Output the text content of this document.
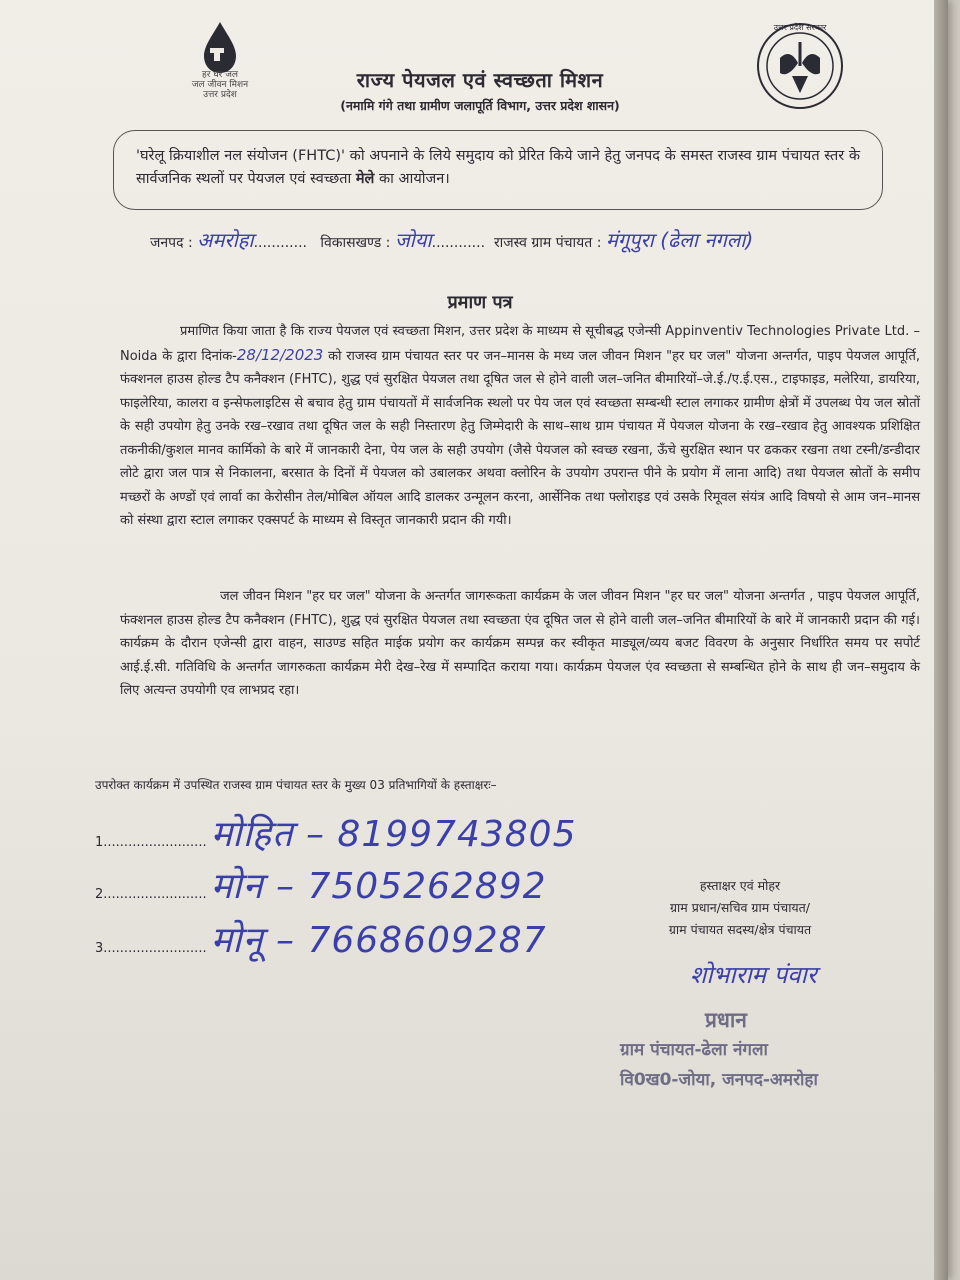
हर घर जल
जल जीवन मिशन
उत्तर प्रदेश
उत्तर प्रदेश सरकार
राज्य पेयजल एवं स्वच्छता मिशन
(नमामि गंगे तथा ग्रामीण जलापूर्ति विभाग, उत्तर प्रदेश शासन)
'घरेलू क्रियाशील नल संयोजन (FHTC)' को अपनाने के लिये समुदाय को प्रेरित किये जाने हेतु जनपद के समस्त राजस्व ग्राम पंचायत स्तर के सार्वजनिक स्थलों पर पेयजल एवं स्वच्छता मेले का आयोजन।
जनपद : अमरोहा............ विकासखण्ड : जोया............ राजस्व ग्राम पंचायत : मंगूपुरा (ढेला नगला)
प्रमाण पत्र
प्रमाणित किया जाता है कि राज्य पेयजल एवं स्वच्छता मिशन, उत्तर प्रदेश के माध्यम से सूचीबद्ध एजेन्सी Appinventiv Technologies Private Ltd. – Noida के द्वारा दिनांक-28/12/2023 को राजस्व ग्राम पंचायत स्तर पर जन–मानस के मध्य जल जीवन मिशन "हर घर जल" योजना अन्तर्गत, पाइप पेयजल आपूर्ति, फंक्शनल हाउस होल्ड टैप कनैक्शन (FHTC), शुद्ध एवं सुरक्षित पेयजल तथा दूषित जल से होने वाली जल–जनित बीमारियों–जे.ई./ए.ई.एस., टाइफाइड, मलेरिया, डायरिया, फाइलेरिया, कालरा व इन्सेफलाइटिस से बचाव हेतु ग्राम पंचायतों में सार्वजनिक स्थलो पर पेय जल एवं स्वच्छता सम्बन्धी स्टाल लगाकर ग्रामीण क्षेत्रों में उपलब्ध पेय जल स्रोतों के सही उपयोग हेतु उनके रख–रखाव तथा दूषित जल के सही निस्तारण हेतु जिम्मेदारी के साथ–साथ ग्राम पंचायत में पेयजल योजना के रख–रखाव हेतु आवश्यक प्रशिक्षित तकनीकी/कुशल मानव कार्मिको के बारे में जानकारी देना, पेय जल के सही उपयोग (जैसे पेयजल को स्वच्छ रखना, ऊँचे सुरक्षित स्थान पर ढककर रखना तथा टस्नी/डन्डीदार लोटे द्वारा जल पात्र से निकालना, बरसात के दिनों में पेयजल को उबालकर अथवा क्लोरिन के उपयोग उपरान्त पीने के प्रयोग में लाना आदि) तथा पेयजल स्रोतों के समीप मच्छरों के अण्डों एवं लार्वा का केरोसीन तेल/मोबिल ऑयल आदि डालकर उन्मूलन करना, आर्सेनिक तथा फ्लोराइड एवं उसके रिमूवल संयंत्र आदि विषयो से आम जन–मानस को संस्था द्वारा स्टाल लगाकर एक्सपर्ट के माध्यम से विस्तृत जानकारी प्रदान की गयी।
जल जीवन मिशन "हर घर जल" योजना के अन्तर्गत जागरूकता कार्यक्रम के जल जीवन मिशन "हर घर जल" योजना अन्तर्गत , पाइप पेयजल आपूर्ति, फंक्शनल हाउस होल्ड टैप कनैक्शन (FHTC), शुद्ध एवं सुरक्षित पेयजल तथा स्वच्छता एंव दूषित जल से होने वाली जल–जनित बीमारियों के बारे में जानकारी प्रदान की गई। कार्यक्रम के दौरान एजेन्सी द्वारा वाहन, साउण्ड सहित माईक प्रयोग कर कार्यक्रम सम्पन्न कर स्वीकृत माड्यूल/व्यय बजट विवरण के अनुसार निर्धारित समय पर सपोर्ट आई.ई.सी. गतिविधि के अन्तर्गत जागरुकता कार्यक्रम मेरी देख–रेख में सम्पादित कराया गया। कार्यक्रम पेयजल एंव स्वच्छता से सम्बन्धित होने के साथ ही जन–समुदाय के लिए अत्यन्त उपयोगी एव लाभप्रद रहा।
उपरोक्त कार्यक्रम में उपस्थित राजस्व ग्राम पंचायत स्तर के मुख्य 03 प्रतिभागियों के हस्ताक्षरः–
1......................... मोहित – 8199743805
2......................... मोन – 7505262892
3......................... मोनू – 7668609287
हस्ताक्षर एवं मोहर
ग्राम प्रधान/सचिव ग्राम पंचायत/
ग्राम पंचायत सदस्य/क्षेत्र पंचायत
शोभाराम पंवार
प्रधान
ग्राम पंचायत-ढेला नंगला
वि0ख0-जोया, जनपद-अमरोहा
